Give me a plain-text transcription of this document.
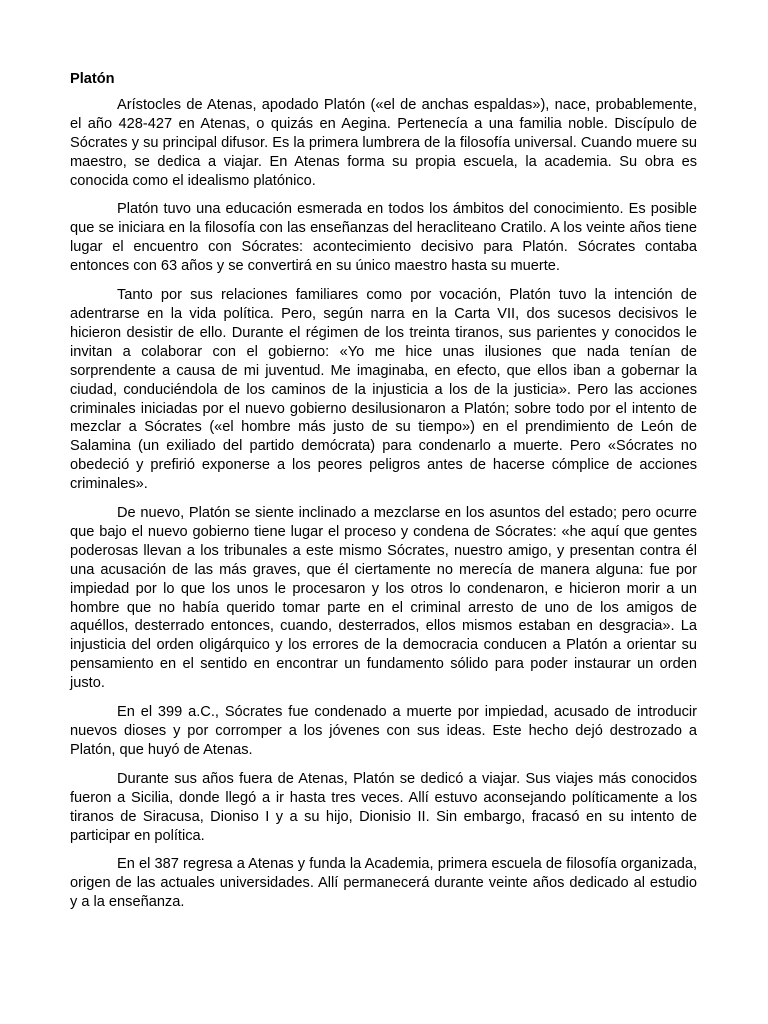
Platón

Arístocles de Atenas, apodado Platón («el de anchas espaldas»), nace, probablemente, el año 428-427 en Atenas, o quizás en Aegina. Pertenecía a una familia noble. Discípulo de Sócrates y su principal difusor. Es la primera lumbrera de la filosofía universal. Cuando muere su maestro, se dedica a viajar. En Atenas forma su propia escuela, la academia. Su obra es conocida como el idealismo platónico.

Platón tuvo una educación esmerada en todos los ámbitos del conocimiento. Es posible que se iniciara en la filosofía con las enseñanzas del heracliteano Cratilo. A los veinte años tiene lugar el encuentro con Sócrates: acontecimiento decisivo para Platón. Sócrates contaba entonces con 63 años y se convertirá en su único maestro hasta su muerte.

Tanto por sus relaciones familiares como por vocación, Platón tuvo la intención de adentrarse en la vida política. Pero, según narra en la Carta VII, dos sucesos decisivos le hicieron desistir de ello. Durante el régimen de los treinta tiranos, sus parientes y conocidos le invitan a colaborar con el gobierno: «Yo me hice unas ilusiones que nada tenían de sorprendente a causa de mi juventud. Me imaginaba, en efecto, que ellos iban a gobernar la ciudad, conduciéndola de los caminos de la injusticia a los de la justicia». Pero las acciones criminales iniciadas por el nuevo gobierno desilusionaron a Platón; sobre todo por el intento de mezclar a Sócrates («el hombre más justo de su tiempo») en el prendimiento de León de Salamina (un exiliado del partido demócrata) para condenarlo a muerte. Pero «Sócrates no obedeció y prefirió exponerse a los peores peligros antes de hacerse cómplice de acciones criminales».

De nuevo, Platón se siente inclinado a mezclarse en los asuntos del estado; pero ocurre que bajo el nuevo gobierno tiene lugar el proceso y condena de Sócrates: «he aquí que gentes poderosas llevan a los tribunales a este mismo Sócrates, nuestro amigo, y presentan contra él una acusación de las más graves, que él ciertamente no merecía de manera alguna: fue por impiedad por lo que los unos le procesaron y los otros lo condenaron, e hicieron morir a un hombre que no había querido tomar parte en el criminal arresto de uno de los amigos de aquéllos, desterrado entonces, cuando, desterrados, ellos mismos estaban en desgracia». La injusticia del orden oligárquico y los errores de la democracia conducen a Platón a orientar su pensamiento en el sentido en encontrar un fundamento sólido para poder instaurar un orden justo.

En el 399 a.C., Sócrates fue condenado a muerte por impiedad, acusado de introducir nuevos dioses y por corromper a los jóvenes con sus ideas. Este hecho dejó destrozado a Platón, que huyó de Atenas.

Durante sus años fuera de Atenas, Platón se dedicó a viajar. Sus viajes más conocidos fueron a Sicilia, donde llegó a ir hasta tres veces. Allí estuvo aconsejando políticamente a los tiranos de Siracusa, Dioniso I y a su hijo, Dionisio II. Sin embargo, fracasó en su intento de participar en política.

En el 387 regresa a Atenas y funda la Academia, primera escuela de filosofía organizada, origen de las actuales universidades. Allí permanecerá durante veinte años dedicado al estudio y a la enseñanza.
